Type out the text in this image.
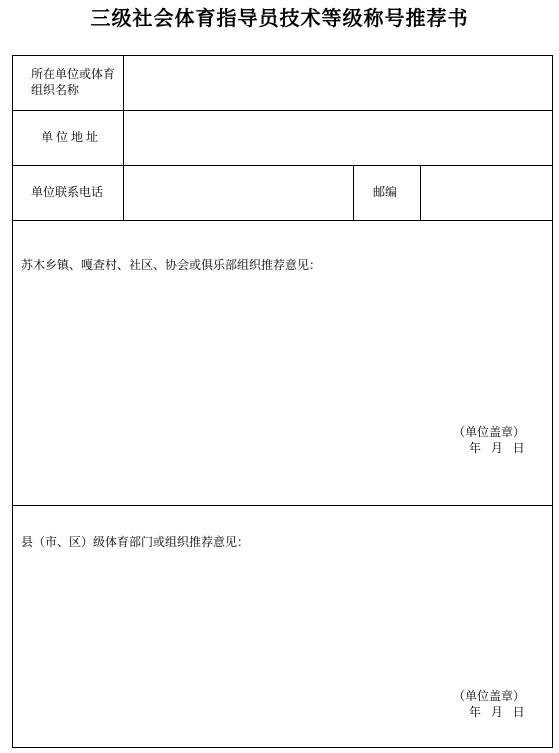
三级社会体育指导员技术等级称号推荐书
所在单位或体育组织名称
单位地址
单位联系电话	邮编
苏木乡镇、嘎查村、社区、协会或俱乐部组织推荐意见：
（单位盖章）
年 月 日
县（市、区）级体育部门或组织推荐意见：
（单位盖章）
年 月 日
